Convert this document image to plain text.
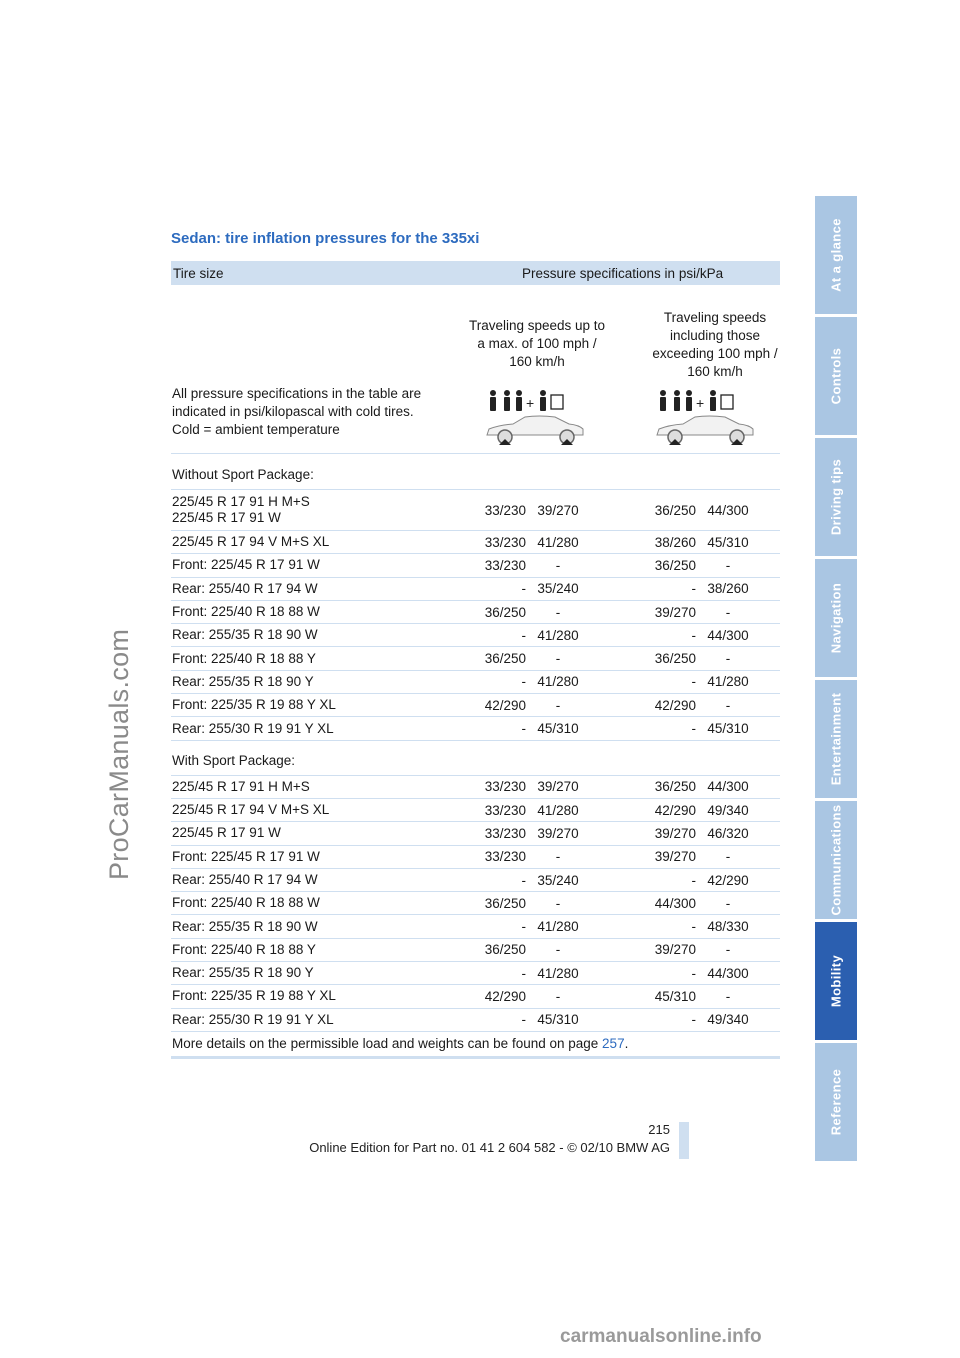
ProCarManuals.com
At a glance
Controls
Driving tips
Navigation
Entertainment
Communications
Mobility
Reference
Sedan: tire inflation pressures for the 335xi
Tire size	Pressure specifications in psi/kPa
All pressure specifications in the table are indicated in psi/kilopascal with cold tires. Cold = ambient temperature
Traveling speeds up to a max. of 100 mph / 160 km/h
Traveling speeds including those exceeding 100 mph / 160 km/h
+	+
Without Sport Package:
225/45 R 17 91 H M+S
225/45 R 17 91 W	33/230 39/270	36/250 44/300
225/45 R 17 94 V M+S XL	33/230 41/280	38/260 45/310
Front: 225/45 R 17 91 W	33/230	-	36/250	-
Rear: 255/40 R 17 94 W	- 35/240	- 38/260
Front: 225/40 R 18 88 W	36/250	-	39/270	-
Rear: 255/35 R 18 90 W	- 41/280	- 44/300
Front: 225/40 R 18 88 Y	36/250	-	36/250	-
Rear: 255/35 R 18 90 Y	- 41/280	- 41/280
Front: 225/35 R 19 88 Y XL	42/290	-	42/290	-
Rear: 255/30 R 19 91 Y XL	- 45/310	- 45/310
With Sport Package:
225/45 R 17 91 H M+S	33/230 39/270	36/250 44/300
225/45 R 17 94 V M+S XL	33/230 41/280	42/290 49/340
225/45 R 17 91 W	33/230 39/270	39/270 46/320
Front: 225/45 R 17 91 W	33/230	-	39/270	-
Rear: 255/40 R 17 94 W	- 35/240	- 42/290
Front: 225/40 R 18 88 W	36/250	-	44/300	-
Rear: 255/35 R 18 90 W	- 41/280	- 48/330
Front: 225/40 R 18 88 Y	36/250	-	39/270	-
Rear: 255/35 R 18 90 Y	- 41/280	- 44/300
Front: 225/35 R 19 88 Y XL	42/290	-	45/310	-
Rear: 255/30 R 19 91 Y XL	- 45/310	- 49/340
More details on the permissible load and weights can be found on page
257 .
215
Online Edition for Part no. 01 41 2 604 582 - © 02/10 BMW AG
carmanualsonline.info
